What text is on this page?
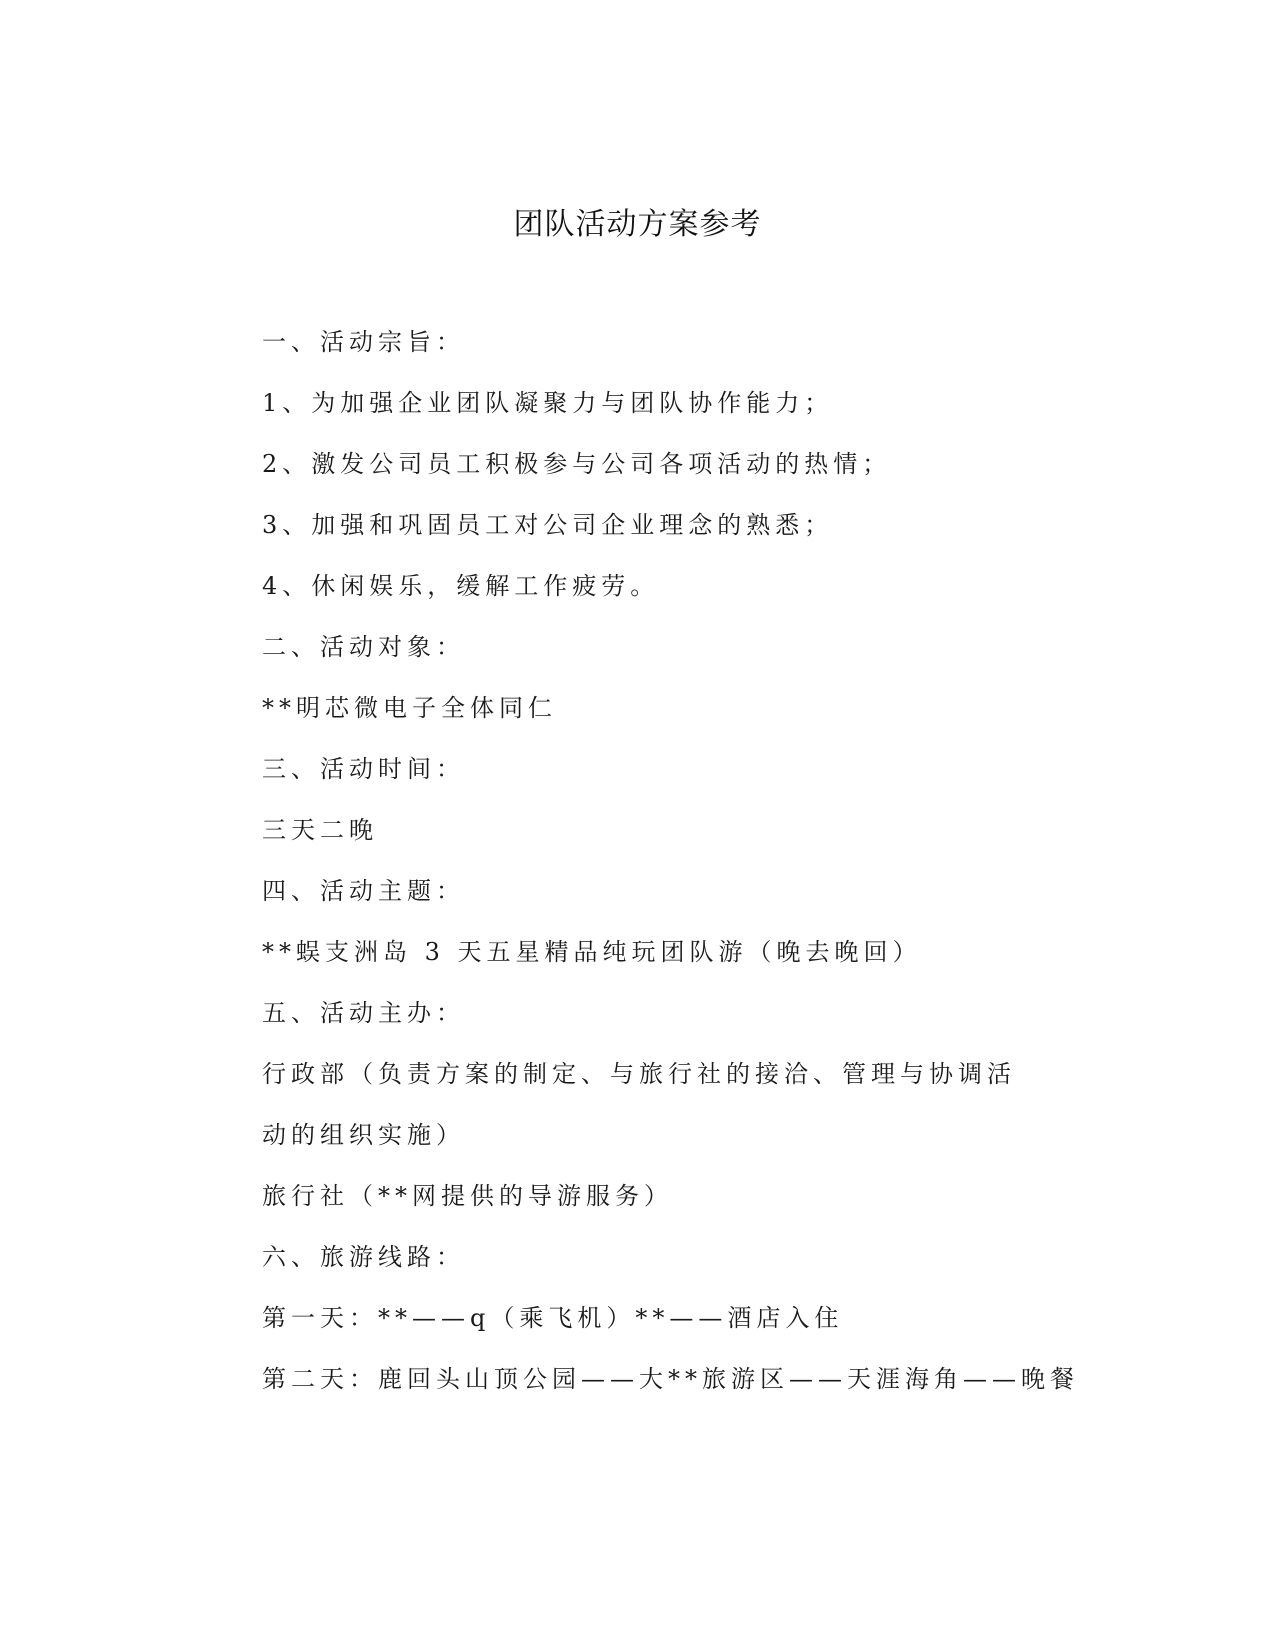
团队活动方案参考
一、活动宗旨：
1、为加强企业团队凝聚力与团队协作能力；
2、激发公司员工积极参与公司各项活动的热情；
3、加强和巩固员工对公司企业理念的熟悉；
4、休闲娱乐，缓解工作疲劳。
二、活动对象：
**明芯微电子全体同仁
三、活动时间：
三天二晚
四、活动主题：
**蜈支洲岛 3 天五星精品纯玩团队游（晚去晚回）
五、活动主办：
行政部（负责方案的制定、与旅行社的接洽、管理与协调活
动的组织实施）
旅行社（**网提供的导游服务）
六、旅游线路：
第一天：**——q（乘飞机）**——酒店入住
第二天：鹿回头山顶公园——大**旅游区——天涯海角——晚餐
